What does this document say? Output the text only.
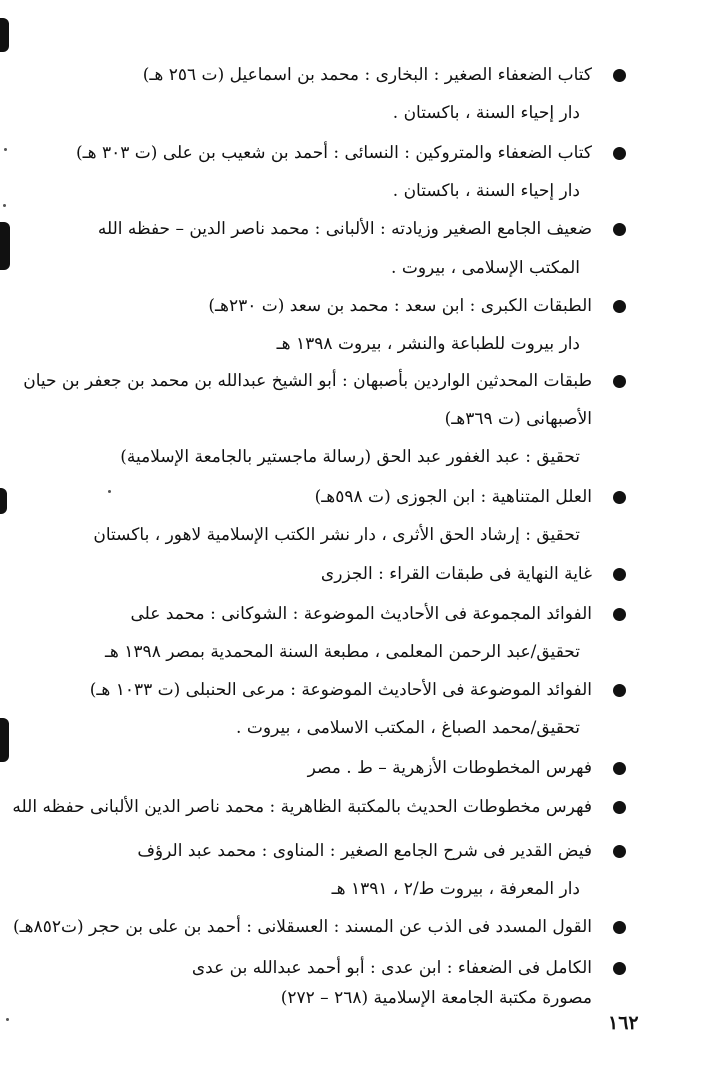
كتاب الضعفاء الصغير : البخارى : محمد بن اسماعيل (ت ٢٥٦ هـ)
دار إحياء السنة ، باكستان .
كتاب الضعفاء والمتروكين : النسائى : أحمد بن شعيب بن على (ت ٣٠٣ هـ)
دار إحياء السنة ، باكستان .
ضعيف الجامع الصغير وزيادته : الألبانى : محمد ناصر الدين – حفظه الله
المكتب الإسلامى ، بيروت .
الطبقات الكبرى : ابن سعد : محمد بن سعد (ت ٢٣٠هـ)
دار بيروت للطباعة والنشر ، بيروت ١٣٩٨ هـ
طبقات المحدثين الواردين بأصبهان : أبو الشيخ عبدالله بن محمد بن جعفر بن حيان
الأصبهانى (ت ٣٦٩هـ)
تحقيق : عبد الغفور عبد الحق (رسالة ماجستير بالجامعة الإسلامية)
العلل المتناهية : ابن الجوزى (ت ٥٩٨هـ)
تحقيق : إرشاد الحق الأثرى ، دار نشر الكتب الإسلامية لاهور ، باكستان
غاية النهاية فى طبقات القراء : الجزرى
الفوائد المجموعة فى الأحاديث الموضوعة : الشوكانى : محمد على
تحقيق/عبد الرحمن المعلمى ، مطبعة السنة المحمدية بمصر ١٣٩٨ هـ
الفوائد الموضوعة فى الأحاديث الموضوعة : مرعى الحنبلى (ت ١٠٣٣ هـ)
تحقيق/محمد الصباغ ، المكتب الاسلامى ، بيروت .
فهرس المخطوطات الأزهرية – ط . مصر
فهرس مخطوطات الحديث بالمكتبة الظاهرية : محمد ناصر الدين الألبانى حفظه الله
فيض القدير فى شرح الجامع الصغير : المناوى : محمد عبد الرؤف
دار المعرفة ، بيروت ط/٢ ، ١٣٩١ هـ
القول المسدد فى الذب عن المسند : العسقلانى : أحمد بن على بن حجر (ت٨٥٢هـ)
الكامل فى الضعفاء : ابن عدى : أبو أحمد عبدالله بن عدى
مصورة مكتبة الجامعة الإسلامية (٢٦٨ – ٢٧٢)
١٦٢
